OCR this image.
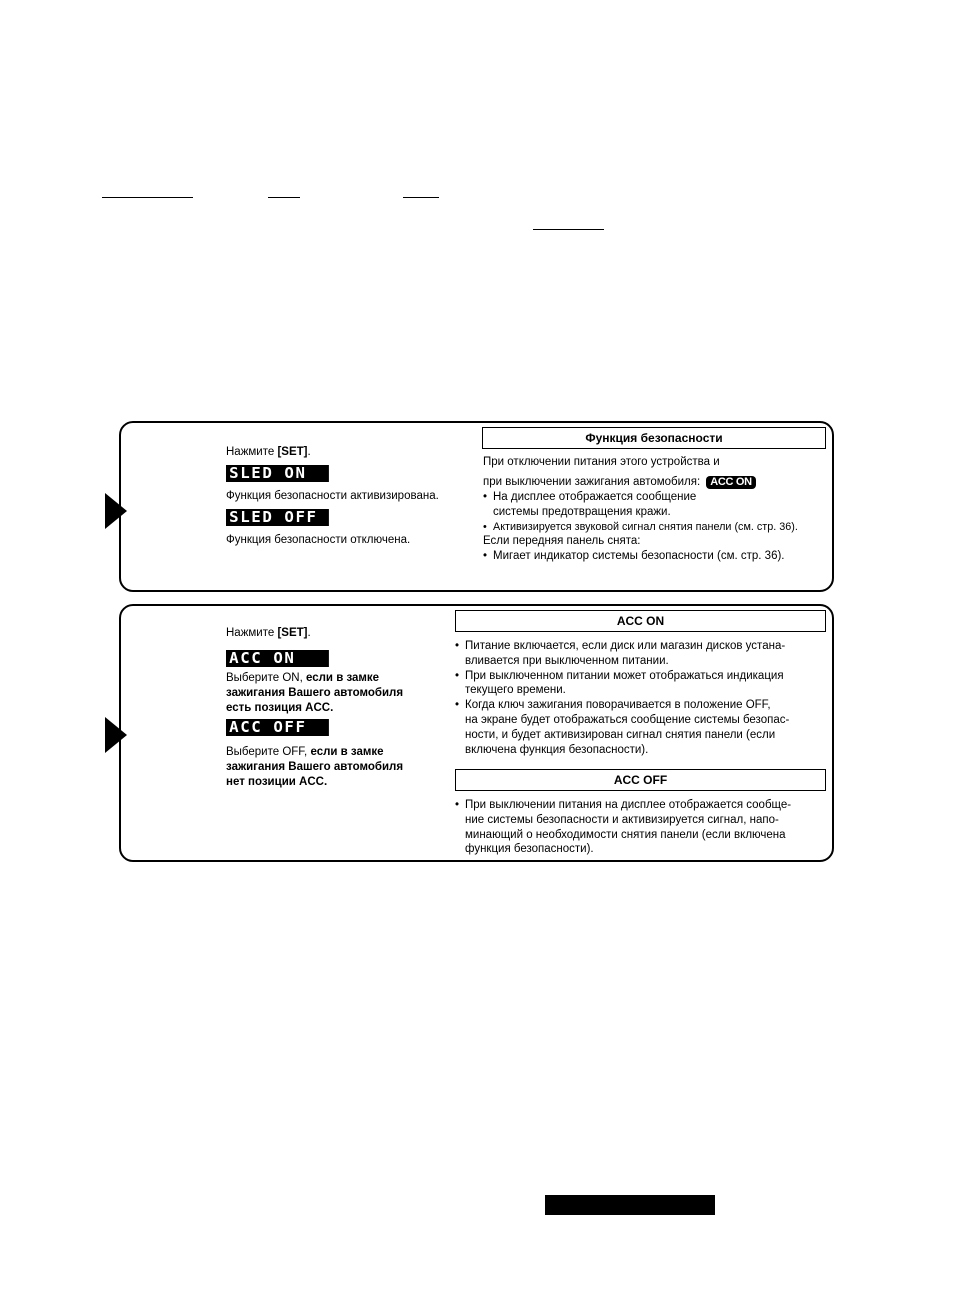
Нажмите [SET].
SLED ON
Функция безопасности активизирована.
SLED OFF
Функция безопасности отключена.
Функция безопасности
При отключении питания этого устройства и
при выключении зажигания автомобиля: ACC ON
• На дисплее отображается сообщение
системы предотвращения кражи.
• Активизируется звуковой сигнал снятия панели (см. стр. 36).
Если передняя панель снята:
• Мигает индикатор системы безопасности (см. стр. 36).
Нажмите [SET].
ACC ON
Выберите ON, если в замке
зажигания Вашего автомобиля
есть позиция ACC.
ACC OFF
Выберите OFF, если в замке
зажигания Вашего автомобиля
нет позиции ACC.
ACC ON
• Питание включается, если диск или магазин дисков устана-
вливается при выключенном питании.
• При выключенном питании может отображаться индикация
текущего времени.
• Когда ключ зажигания поворачивается в положение OFF,
на экране будет отображаться сообщение системы безопас-
ности, и будет активизирован сигнал снятия панели (если
включена функция безопасности).
ACC OFF
• При выключении питания на дисплее отображается сообще-
ние системы безопасности и активизируется сигнал, напо-
минающий о необходимости снятия панели (если включена
функция безопасности).
